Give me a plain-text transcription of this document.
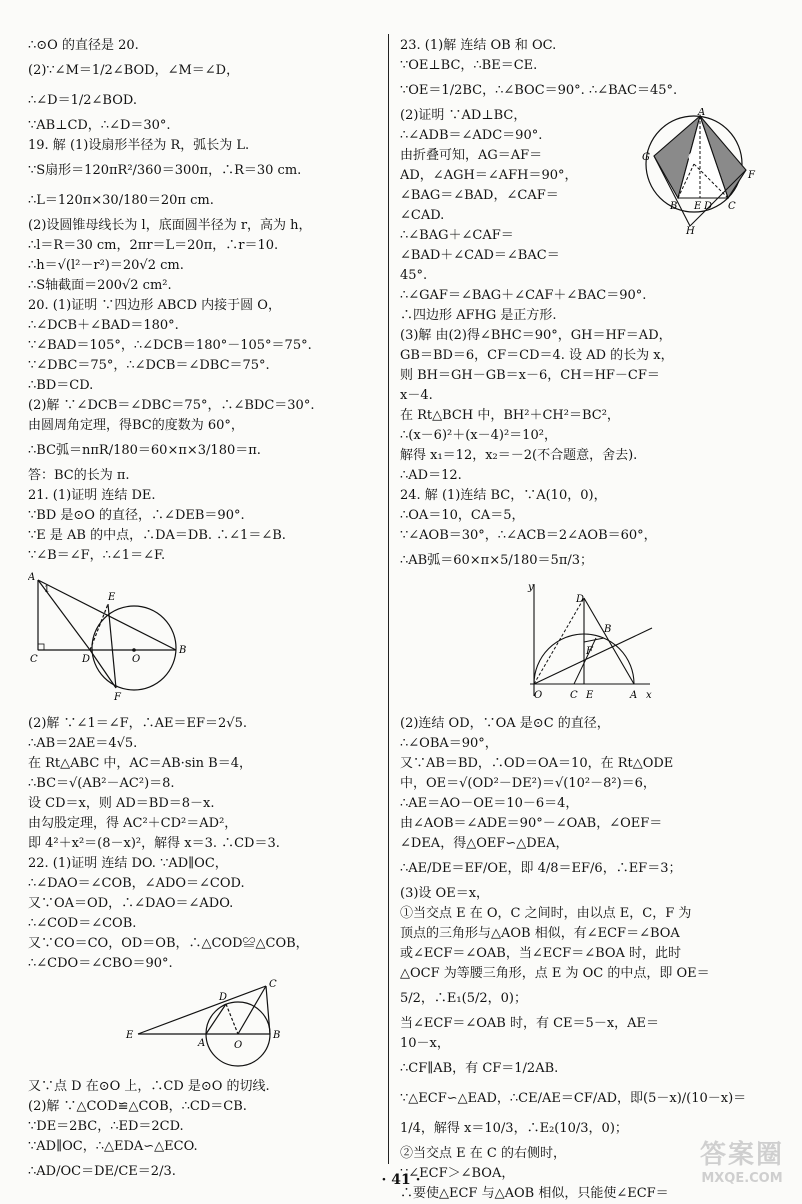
∴⊙O 的直径是 20.
(2)∵∠M＝1/2∠BOD，∠M＝∠D，
∴∠D＝1/2∠BOD.
∵AB⊥CD，∴∠D＝30°.
19. 解 (1)设扇形半径为 R，弧长为 L.
∵S扇形＝120πR²/360＝300π，∴R＝30 cm.
∴L＝120π×30/180＝20π cm.
(2)设圆锥母线长为 l，底面圆半径为 r，高为 h，
∴l＝R＝30 cm，2πr＝L＝20π，∴r＝10.
∴h＝√(l²－r²)＝20√2 cm.
∴S轴截面＝200√2 cm².
20. (1)证明 ∵四边形 ABCD 内接于圆 O，
∴∠DCB＋∠BAD＝180°.
∵∠BAD＝105°，∴∠DCB＝180°－105°＝75°.
∵∠DBC＝75°，∴∠DCB＝∠DBC＝75°.
∴BD＝CD.
(2)解 ∵∠DCB＝∠DBC＝75°，∴∠BDC＝30°.
由圆周角定理，得BC的度数为 60°，
∴BC弧＝nπR/180＝60×π×3/180＝π.
答：BC的长为 π.
21. (1)证明 连结 DE.
∵BD 是⊙O 的直径，∴∠DEB＝90°.
∵E 是 AB 的中点，∴DA＝DB. ∴∠1＝∠B.
∵∠B＝∠F，∴∠1＝∠F.
A
1
E
C	D	O
B
F
(2)解 ∵∠1＝∠F，∴AE＝EF＝2√5.
∴AB＝2AE＝4√5.
在 Rt△ABC 中，AC＝AB·sin B＝4，
∴BC＝√(AB²－AC²)＝8.
设 CD＝x，则 AD＝BD＝8－x.
由勾股定理，得 AC²＋CD²＝AD²，
即 4²＋x²＝(8－x)²，解得 x＝3. ∴CD＝3.
22. (1)证明 连结 DO. ∵AD∥OC，
∴∠DAO＝∠COB，∠ADO＝∠COD.
又∵OA＝OD，∴∠DAO＝∠ADO.
∴∠COD＝∠COB.
又∵CO＝CO，OD＝OB，∴△COD≌△COB，
∴∠CDO＝∠CBO＝90°.
D
C
E
A	O
B
又∵点 D 在⊙O 上，∴CD 是⊙O 的切线.
(2)解 ∵△COD≌△COB，∴CD＝CB.
∵DE＝2BC，∴ED＝2CD.
∵AD∥OC，∴△EDA∽△ECO.
∴AD/OC＝DE/CE＝2/3.
23. (1)解 连结 OB 和 OC.
∵OE⊥BC，∴BE＝CE.
∵OE＝1/2BC，∴∠BOC＝90°. ∴∠BAC＝45°.
(2)证明 ∵AD⊥BC，
∴∠ADB＝∠ADC＝90°.
由折叠可知，AG＝AF＝
AD，∠AGH＝∠AFH＝90°，
∠BAG＝∠BAD，∠CAF＝
∠CAD.
∴∠BAG＋∠CAF＝
∠BAD＋∠CAD＝∠BAC＝
45°.
∴∠GAF＝∠BAG＋∠CAF＋∠BAC＝90°.
∴四边形 AFHG 是正方形.
(3)解 由(2)得∠BHC＝90°，GH＝HF＝AD，
GB＝BD＝6，CF＝CD＝4. 设 AD 的长为 x，
则 BH＝GH－GB＝x－6，CH＝HF－CF＝
x－4.
在 Rt△BCH 中，BH²＋CH²＝BC²，
∴(x－6)²＋(x－4)²＝10²，
解得 x₁＝12，x₂＝－2(不合题意，舍去).
∴AD＝12.
24. 解 (1)连结 BC，∵A(10，0)，
∴OA＝10，CA＝5，
∵∠AOB＝30°，∴∠ACB＝2∠AOB＝60°，
∴AB弧＝60×π×5/180＝5π/3；
y
D
B
F
O	C E	A x
(2)连结 OD，∵OA 是⊙C 的直径，
∴∠OBA＝90°，
又∵AB＝BD，∴OD＝OA＝10，在 Rt△ODE
中，OE＝√(OD²－DE²)＝√(10²－8²)＝6，
∴AE＝AO－OE＝10－6＝4，
由∠AOB＝∠ADE＝90°－∠OAB，∠OEF＝
∠DEA，得△OEF∽△DEA，
∴AE/DE＝EF/OE，即 4/8＝EF/6，∴EF＝3；
(3)设 OE＝x，
①当交点 E 在 O，C 之间时，由以点 E，C，F 为
顶点的三角形与△AOB 相似，有∠ECF＝∠BOA
或∠ECF＝∠OAB，当∠ECF＝∠BOA 时，此时
△OCF 为等腰三角形，点 E 为 OC 的中点，即 OE＝
5/2，∴E₁(5/2，0)；
当∠ECF＝∠OAB 时，有 CE＝5－x，AE＝
10－x，
∴CF∥AB，有 CF＝1/2AB.
∵△ECF∽△EAD，∴CE/AE＝CF/AD，即(5－x)/(10－x)＝
1/4，解得 x＝10/3，∴E₂(10/3，0)；
②当交点 E 在 C 的右侧时，
∵∠ECF＞∠BOA，
∴要使△ECF 与△AOB 相似，只能使∠ECF＝
A
G	O
F
B E D C
H
· 41 ·
答案圈
MXQE.COM
